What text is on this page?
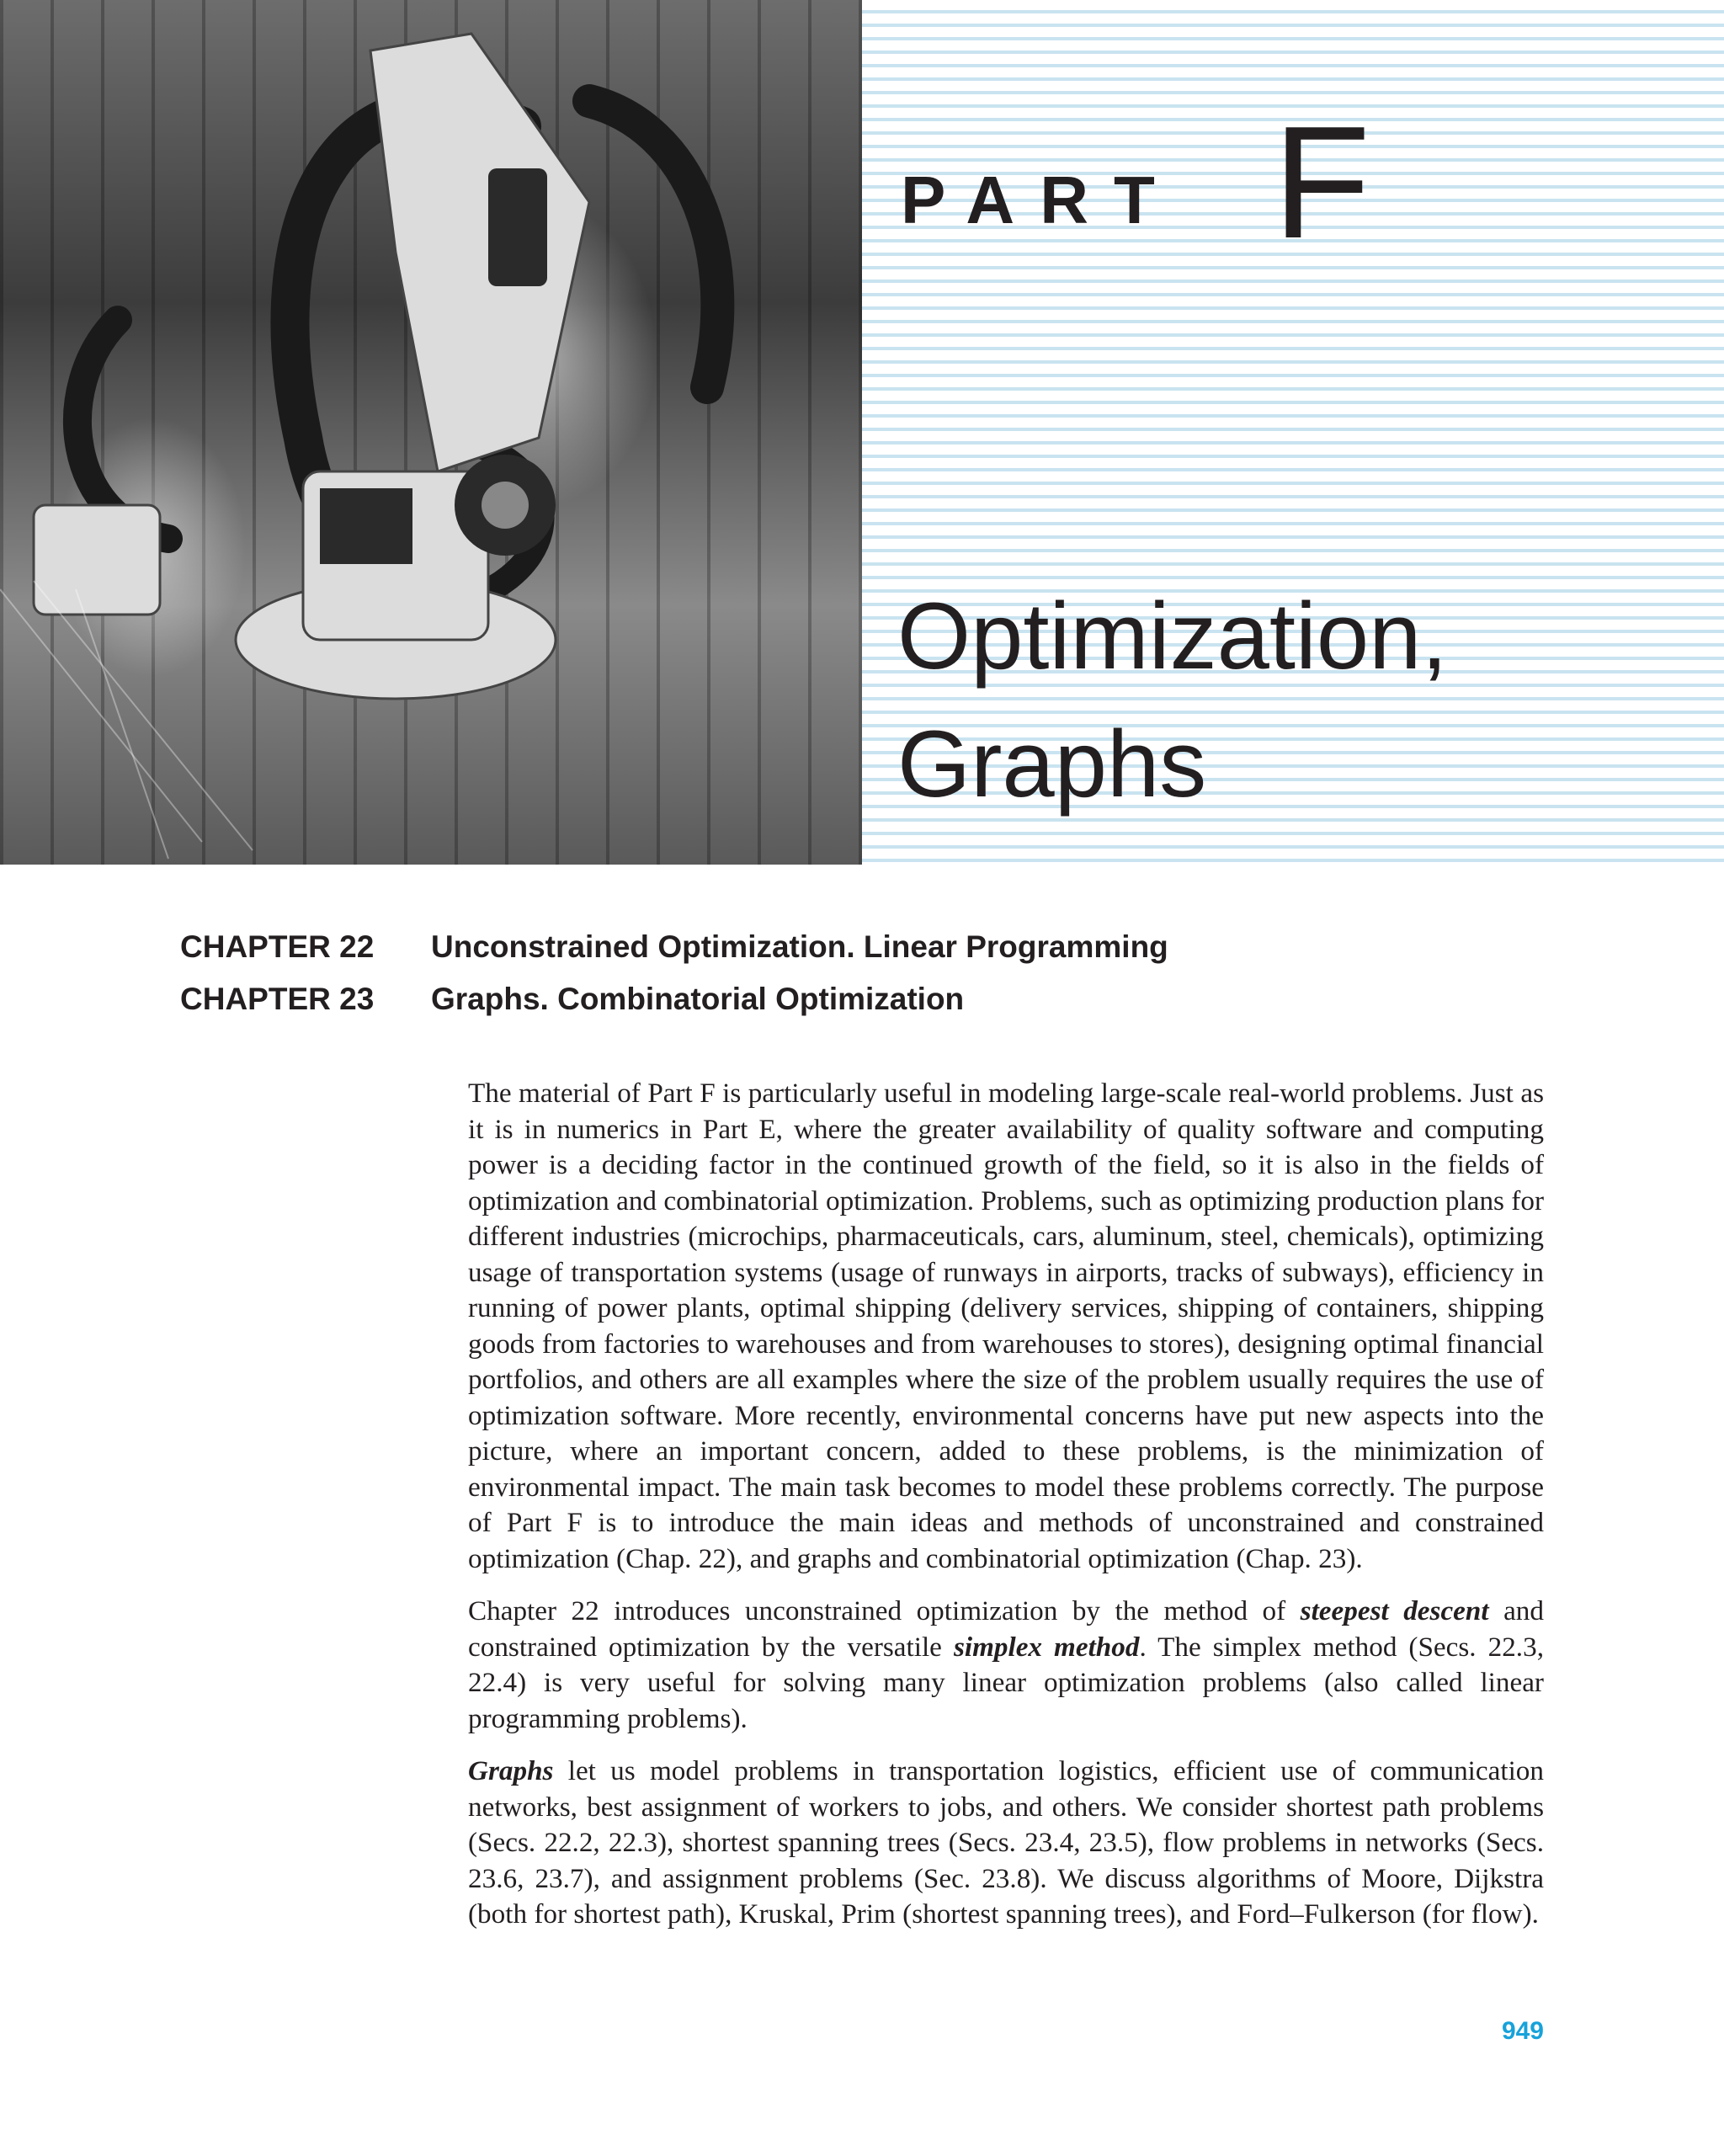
PART F
Optimization,
Graphs
CHAPTER 22	Unconstrained Optimization. Linear Programming
CHAPTER 23	Graphs. Combinatorial Optimization

The material of Part F is particularly useful in modeling large-scale real-world problems. Just as it is in numerics in Part E, where the greater availability of quality software and computing power is a deciding factor in the continued growth of the field, so it is also in the fields of optimization and combinatorial optimization. Problems, such as optimizing production plans for different industries (microchips, pharmaceuticals, cars, aluminum, steel, chemicals), optimizing usage of transportation systems (usage of runways in airports, tracks of subways), efficiency in running of power plants, optimal shipping (delivery services, shipping of containers, shipping goods from factories to warehouses and from warehouses to stores), designing optimal financial portfolios, and others are all examples where the size of the problem usually requires the use of optimization software. More recently, environmental concerns have put new aspects into the picture, where an important concern, added to these problems, is the minimization of environmental impact. The main task becomes to model these problems correctly. The purpose of Part F is to introduce the main ideas and methods of unconstrained and constrained optimization (Chap. 22), and graphs and combinatorial optimization (Chap. 23).

Chapter 22 introduces unconstrained optimization by the method of steepest descent and constrained optimization by the versatile simplex method. The simplex method (Secs. 22.3, 22.4) is very useful for solving many linear optimization problems (also called linear programming problems).

Graphs let us model problems in transportation logistics, efficient use of communication networks, best assignment of workers to jobs, and others. We consider shortest path problems (Secs. 22.2, 22.3), shortest spanning trees (Secs. 23.4, 23.5), flow problems in networks (Secs. 23.6, 23.7), and assignment problems (Sec. 23.8). We discuss algorithms of Moore, Dijkstra (both for shortest path), Kruskal, Prim (shortest spanning trees), and Ford–Fulkerson (for flow).

949
